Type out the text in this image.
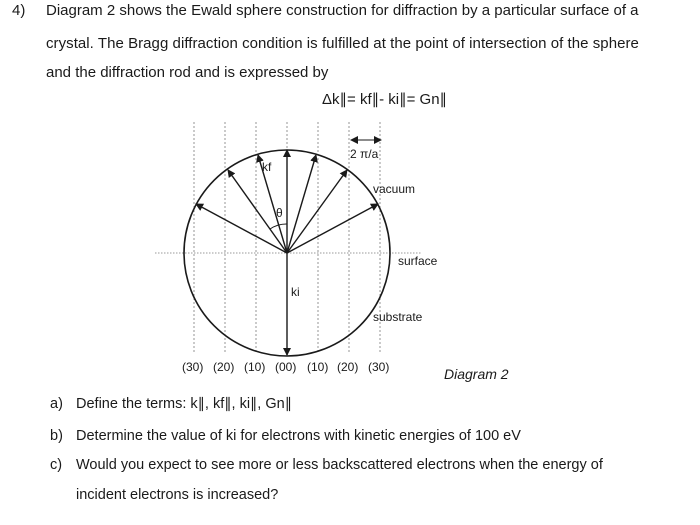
4) Diagram 2 shows the Ewald sphere construction for diffraction by a particular surface of a
crystal. The Bragg diffraction condition is fulfilled at the point of intersection of the sphere
and the diffraction rod and is expressed by
Δk∥= kf∥- ki∥= Gn∥
kf
θ
ki
2 π/a
vacuum
surface
substrate
(30) (20) (10) (00) (10) (20) (30)	Diagram 2
a) Define the terms: k∥, kf∥, ki∥, Gn∥
b) Determine the value of ki for electrons with kinetic energies of 100 eV
c) Would you expect to see more or less backscattered electrons when the energy of
incident electrons is increased?
